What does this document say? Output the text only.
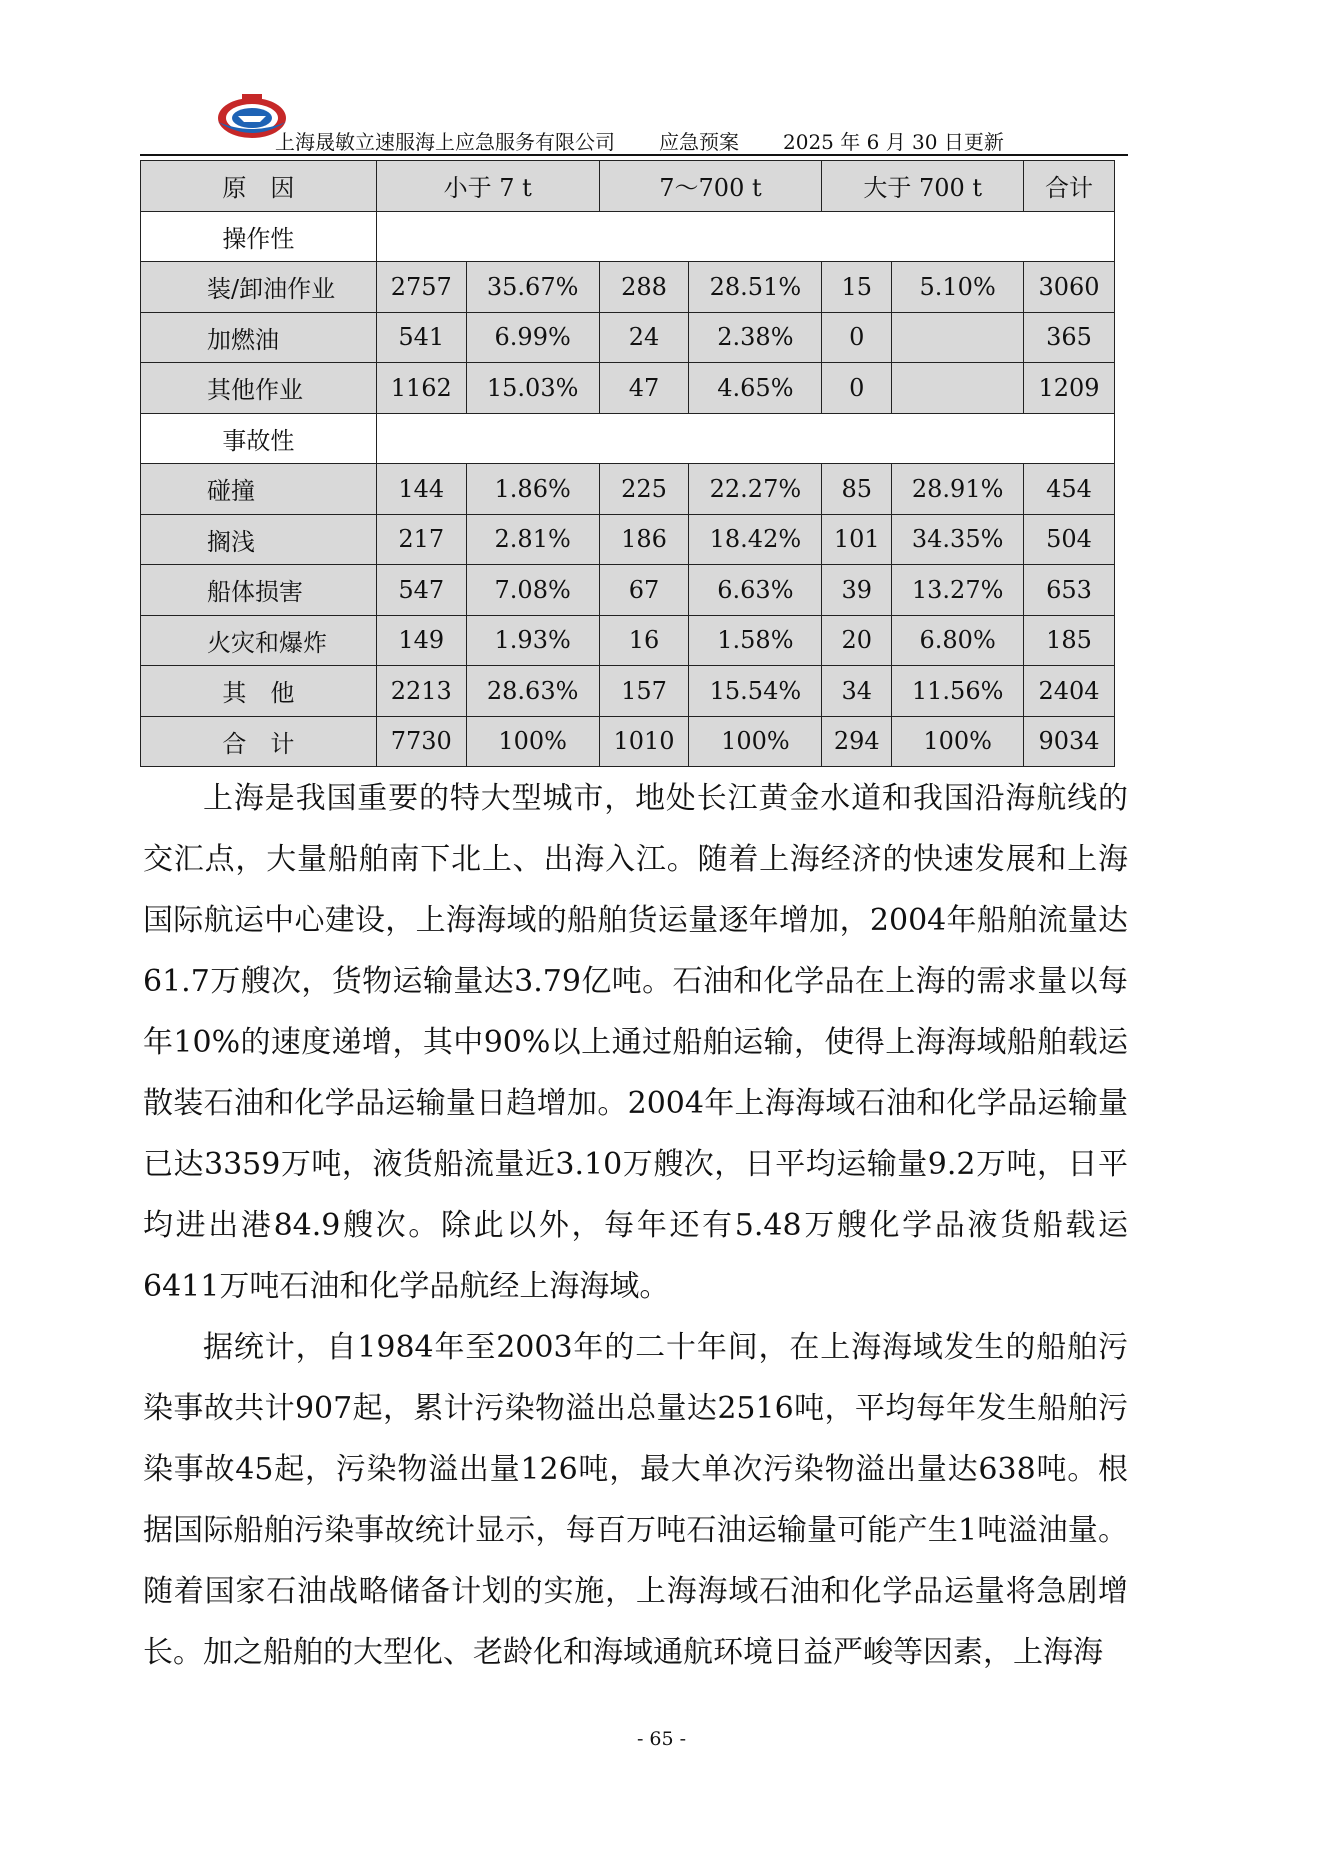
上海晟敏立速服海上应急服务有限公司 应急预案 2025 年 6 月 30 日更新
原　因	小于 7 t		7～700 t		大于 700 t		合计
操作性							
装/卸油作业	2757	35.67%	288	28.51%	15	5.10%	3060
加燃油	541	6.99%	24	2.38%	0		365
其他作业	1162	15.03%	47	4.65%	0		1209
事故性							
碰撞	144	1.86%	225	22.27%	85	28.91%	454
搁浅	217	2.81%	186	18.42%	101	34.35%	504
船体损害	547	7.08%	67	6.63%	39	13.27%	653
火灾和爆炸	149	1.93%	16	1.58%	20	6.80%	185
其　他	2213	28.63%	157	15.54%	34	11.56%	2404
合　计	7730	100%	1010	100%	294	100%	9034

上海是我国重要的特大型城市，地处长江黄金水道和我国沿海航线的交汇点，大量船舶南下北上、出海入江。随着上海经济的快速发展和上海国际航运中心建设，上海海域的船舶货运量逐年增加，2004年船舶流量达61.7万艘次，货物运输量达3.79亿吨。石油和化学品在上海的需求量以每年10%的速度递增，其中90%以上通过船舶运输，使得上海海域船舶载运散装石油和化学品运输量日趋增加。2004年上海海域石油和化学品运输量已达3359万吨，液货船流量近3.10万艘次，日平均运输量9.2万吨，日平均进出港84.9艘次。除此以外，每年还有5.48万艘化学品液货船载运6411万吨石油和化学品航经上海海域。

据统计，自1984年至2003年的二十年间，在上海海域发生的船舶污染事故共计907起，累计污染物溢出总量达2516吨，平均每年发生船舶污染事故45起，污染物溢出量126吨，最大单次污染物溢出量达638吨。根据国际船舶污染事故统计显示，每百万吨石油运输量可能产生1吨溢油量。随着国家石油战略储备计划的实施，上海海域石油和化学品运量将急剧增长。加之船舶的大型化、老龄化和海域通航环境日益严峻等因素，上海海

- 65 -
